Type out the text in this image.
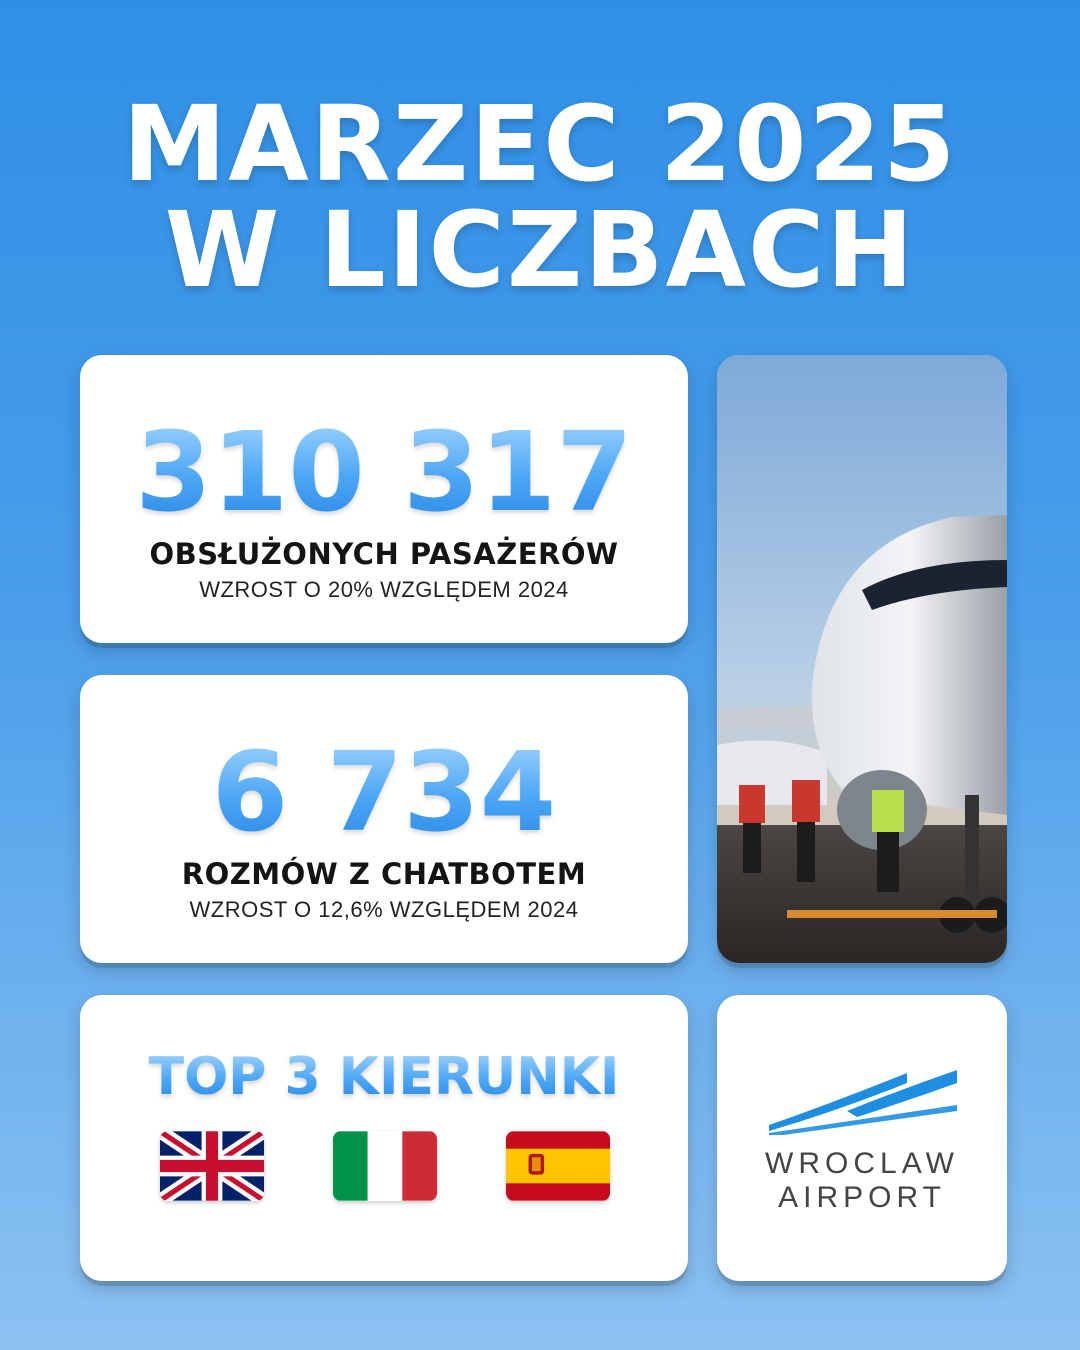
MARZEC 2025
W LICZBACH
310 317
OBSŁUŻONYCH PASAŻERÓW
WZROST O 20% WZGLĘDEM 2024
6 734
ROZMÓW Z CHATBOTEM
WZROST O 12,6% WZGLĘDEM 2024
TOP 3 KIERUNKI
WROCLAW
AIRPORT
